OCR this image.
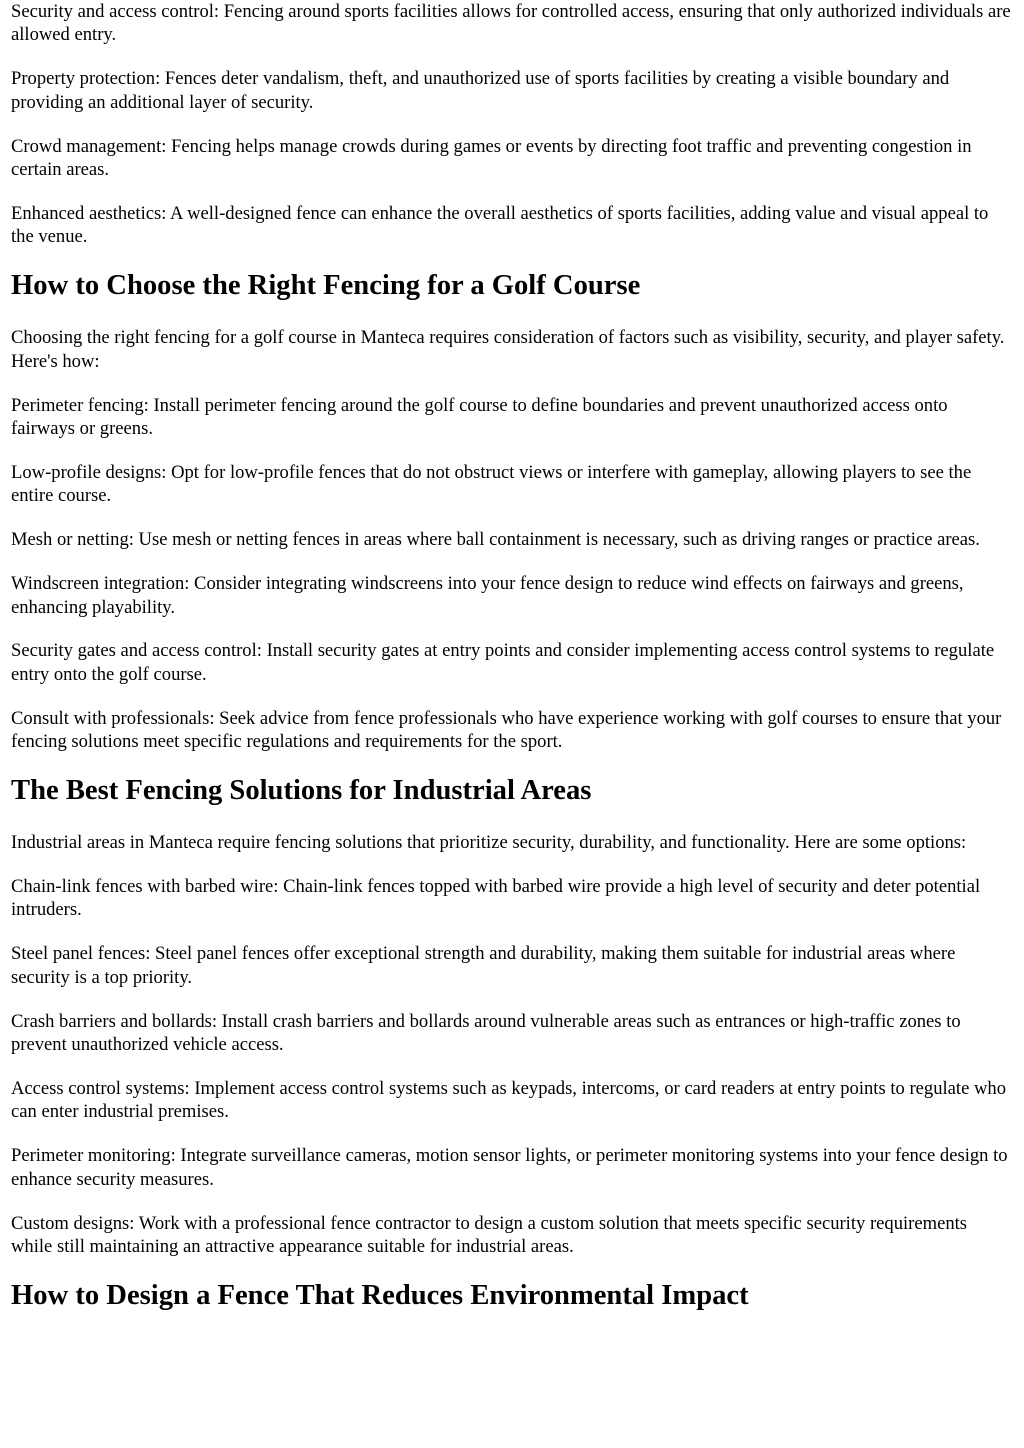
Security and access control: Fencing around sports facilities allows for controlled access, ensuring that only authorized individuals are allowed entry.

Property protection: Fences deter vandalism, theft, and unauthorized use of sports facilities by creating a visible boundary and providing an additional layer of security.

Crowd management: Fencing helps manage crowds during games or events by directing foot traffic and preventing congestion in certain areas.

Enhanced aesthetics: A well-designed fence can enhance the overall aesthetics of sports facilities, adding value and visual appeal to the venue.

How to Choose the Right Fencing for a Golf Course

Choosing the right fencing for a golf course in Manteca requires consideration of factors such as visibility, security, and player safety. Here's how:

Perimeter fencing: Install perimeter fencing around the golf course to define boundaries and prevent unauthorized access onto fairways or greens.

Low-profile designs: Opt for low-profile fences that do not obstruct views or interfere with gameplay, allowing players to see the entire course.

Mesh or netting: Use mesh or netting fences in areas where ball containment is necessary, such as driving ranges or practice areas.

Windscreen integration: Consider integrating windscreens into your fence design to reduce wind effects on fairways and greens, enhancing playability.

Security gates and access control: Install security gates at entry points and consider implementing access control systems to regulate entry onto the golf course.

Consult with professionals: Seek advice from fence professionals who have experience working with golf courses to ensure that your fencing solutions meet specific regulations and requirements for the sport.

The Best Fencing Solutions for Industrial Areas

Industrial areas in Manteca require fencing solutions that prioritize security, durability, and functionality. Here are some options:

Chain-link fences with barbed wire: Chain-link fences topped with barbed wire provide a high level of security and deter potential intruders.

Steel panel fences: Steel panel fences offer exceptional strength and durability, making them suitable for industrial areas where security is a top priority.

Crash barriers and bollards: Install crash barriers and bollards around vulnerable areas such as entrances or high-traffic zones to prevent unauthorized vehicle access.

Access control systems: Implement access control systems such as keypads, intercoms, or card readers at entry points to regulate who can enter industrial premises.

Perimeter monitoring: Integrate surveillance cameras, motion sensor lights, or perimeter monitoring systems into your fence design to enhance security measures.

Custom designs: Work with a professional fence contractor to design a custom solution that meets specific security requirements while still maintaining an attractive appearance suitable for industrial areas.

How to Design a Fence That Reduces Environmental Impact
